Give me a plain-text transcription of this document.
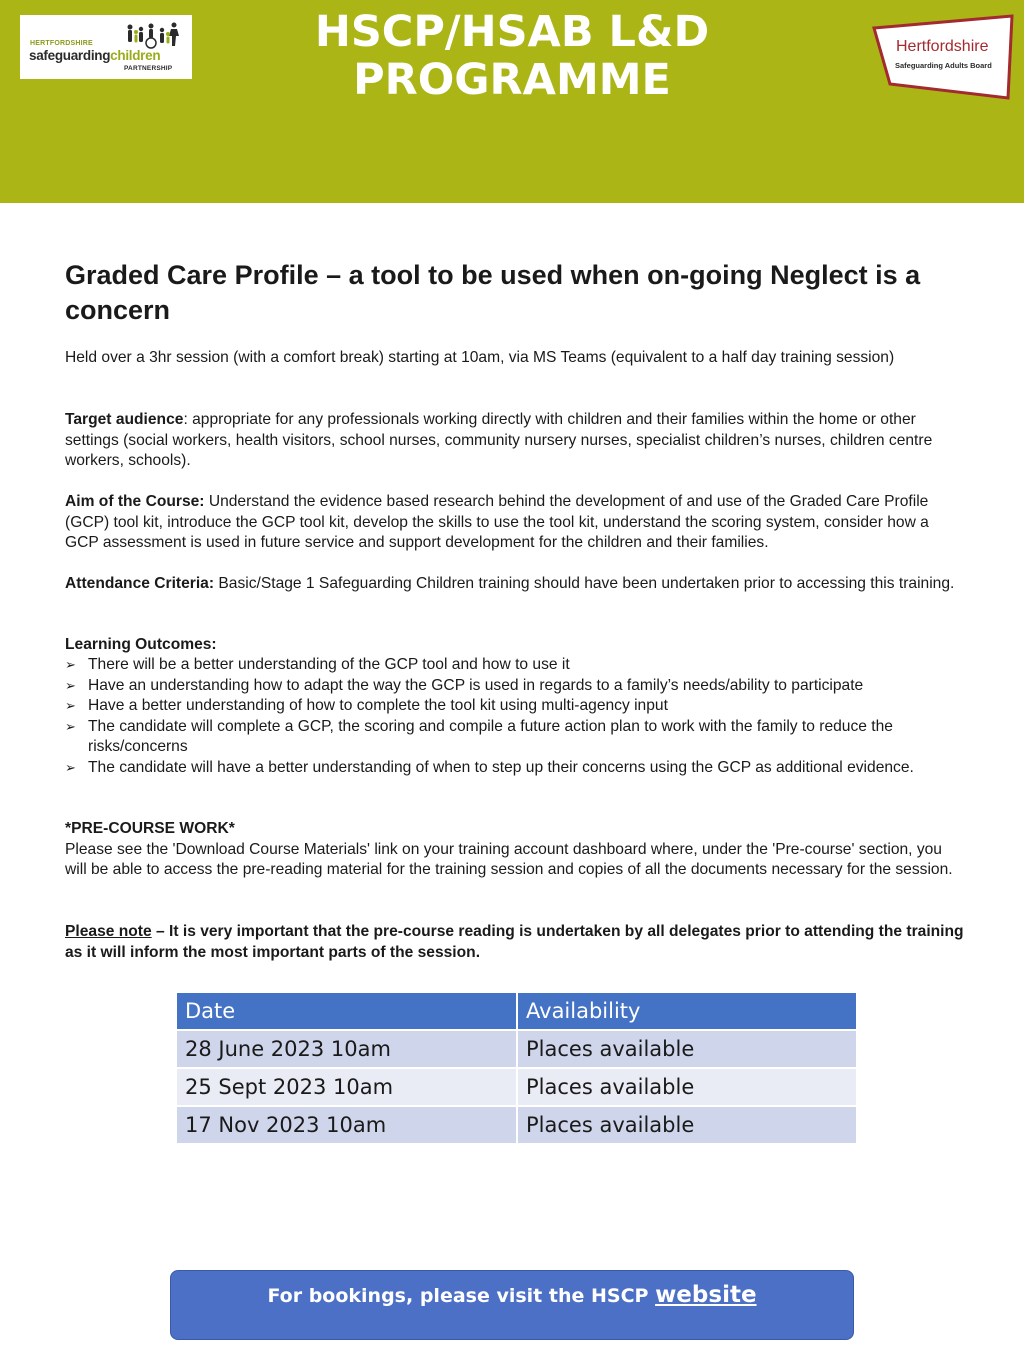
HSCP/HSAB L&D
PROGRAMME
HERTFORDSHIRE
safeguardingchildren
PARTNERSHIP
Hertfordshire
Safeguarding Adults Board
Graded Care Profile – a tool to be used when on-going Neglect is a concern

Held over a 3hr session (with a comfort break) starting at 10am, via MS Teams (equivalent to a half day training session)

Target audience: appropriate for any professionals working directly with children and their families within the home or other settings (social workers, health visitors, school nurses, community nursery nurses, specialist children’s nurses, children centre workers, schools).

Aim of the Course: Understand the evidence based research behind the development of and use of the Graded Care Profile (GCP) tool kit, introduce the GCP tool kit, develop the skills to use the tool kit, understand the scoring system, consider how a GCP assessment is used in future service and support development for the children and their families.

Attendance Criteria: Basic/Stage 1 Safeguarding Children training should have been undertaken prior to accessing this training.

Learning Outcomes:

➢ There will be a better understanding of the GCP tool and how to use it
➢ Have an understanding how to adapt the way the GCP is used in regards to a family’s needs/ability to participate
➢ Have a better understanding of how to complete the tool kit using multi-agency input
➢ The candidate will complete a GCP, the scoring and compile a future action plan to work with the family to reduce the risks/concerns
➢ The candidate will have a better understanding of when to step up their concerns using the GCP as additional evidence.
*PRE-COURSE WORK*
Please see the 'Download Course Materials' link on your training account dashboard where, under the 'Pre-course' section, you will be able to access the pre-reading material for the training session and copies of all the documents necessary for the session.

Please note – It is very important that the pre-course reading is undertaken by all delegates prior to attending the training as it will inform the most important parts of the session.

Date	Availability
28 June 2023 10am	Places available
25 Sept 2023 10am	Places available
17 Nov 2023 10am	Places available
For bookings, please visit the HSCP website
